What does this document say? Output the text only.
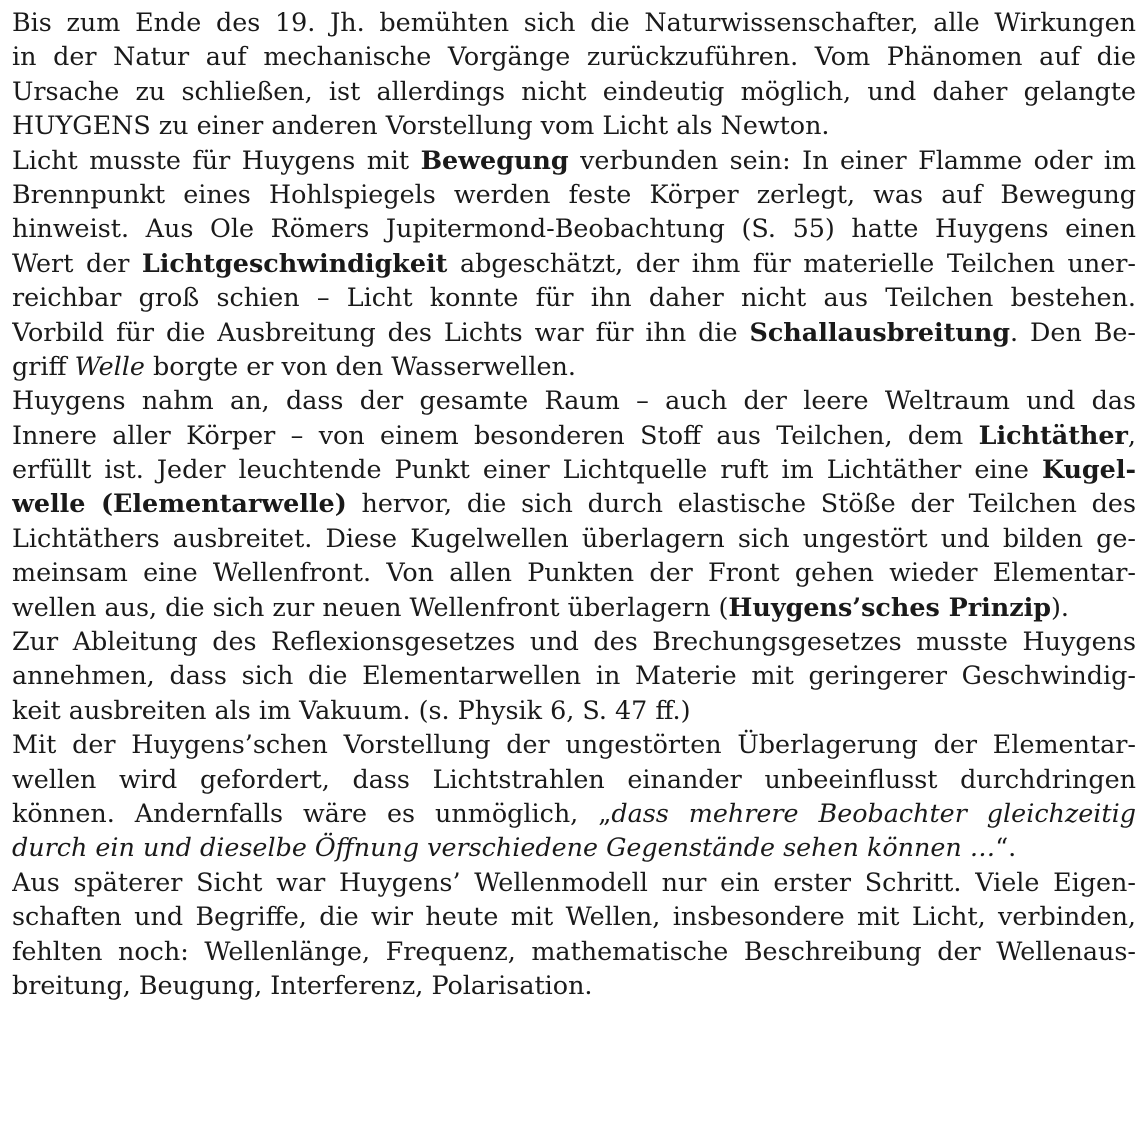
Bis zum Ende des 19. Jh. bemühten sich die Naturwissenschafter, alle Wirkungen
in der Natur auf mechanische Vorgänge zurückzuführen. Vom Phänomen auf die
Ursache zu schließen, ist allerdings nicht eindeutig möglich, und daher gelangte
HUYGENS zu einer anderen Vorstellung vom Licht als Newton.
Licht musste für Huygens mit Bewegung verbunden sein: In einer Flamme oder im
Brennpunkt eines Hohlspiegels werden feste Körper zerlegt, was auf Bewegung
hinweist. Aus Ole Römers Jupitermond-Beobachtung (S. 55) hatte Huygens einen
Wert der Lichtgeschwindigkeit abgeschätzt, der ihm für materielle Teilchen uner-
reichbar groß schien – Licht konnte für ihn daher nicht aus Teilchen bestehen.
Vorbild für die Ausbreitung des Lichts war für ihn die Schallausbreitung. Den Be-
griff Welle borgte er von den Wasserwellen.
Huygens nahm an, dass der gesamte Raum – auch der leere Weltraum und das
Innere aller Körper – von einem besonderen Stoff aus Teilchen, dem Lichtäther,
erfüllt ist. Jeder leuchtende Punkt einer Lichtquelle ruft im Lichtäther eine Kugel-
welle (Elementarwelle) hervor, die sich durch elastische Stöße der Teilchen des
Lichtäthers ausbreitet. Diese Kugelwellen überlagern sich ungestört und bilden ge-
meinsam eine Wellenfront. Von allen Punkten der Front gehen wieder Elementar-
wellen aus, die sich zur neuen Wellenfront überlagern (Huygens’sches Prinzip).
Zur Ableitung des Reflexionsgesetzes und des Brechungsgesetzes musste Huygens
annehmen, dass sich die Elementarwellen in Materie mit geringerer Geschwindig-
keit ausbreiten als im Vakuum. (s. Physik 6, S. 47 ff.)
Mit der Huygens’schen Vorstellung der ungestörten Überlagerung der Elementar-
wellen wird gefordert, dass Lichtstrahlen einander unbeeinflusst durchdringen
können. Andernfalls wäre es unmöglich, „dass mehrere Beobachter gleichzeitig
durch ein und dieselbe Öffnung verschiedene Gegenstände sehen können …“.
Aus späterer Sicht war Huygens’ Wellenmodell nur ein erster Schritt. Viele Eigen-
schaften und Begriffe, die wir heute mit Wellen, insbesondere mit Licht, verbinden,
fehlten noch: Wellenlänge, Frequenz, mathematische Beschreibung der Wellenaus-
breitung, Beugung, Interferenz, Polarisation.
